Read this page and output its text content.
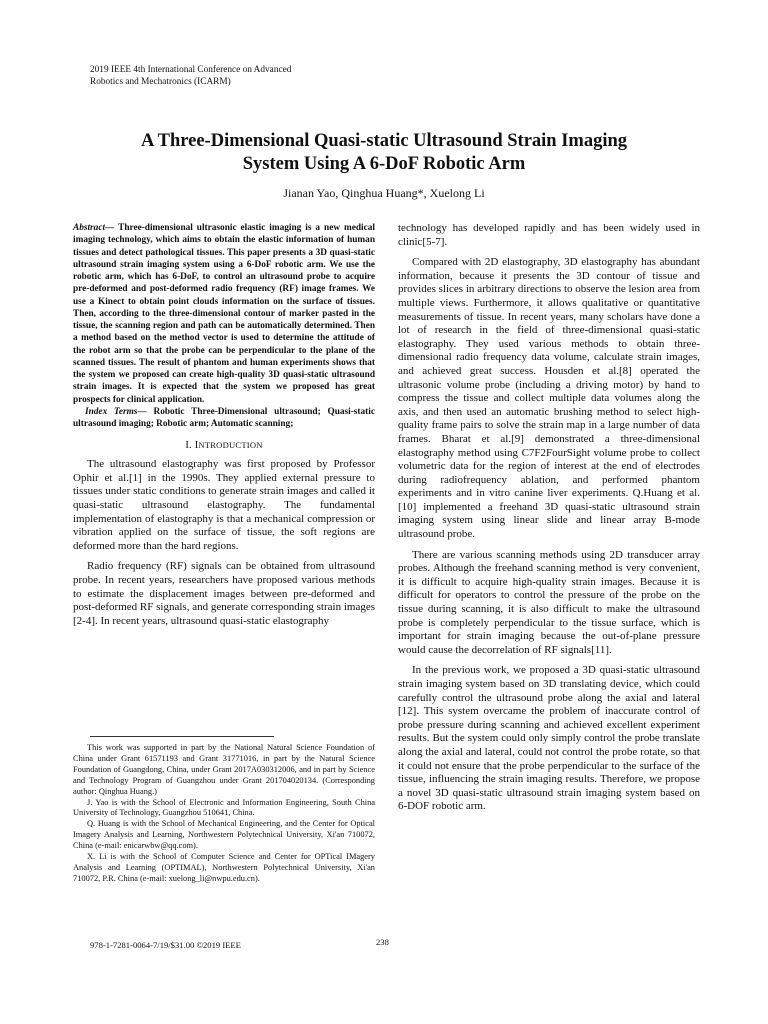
2019 IEEE 4th International Conference on Advanced
Robotics and Mechatronics (ICARM)
A Three-Dimensional Quasi-static Ultrasound Strain Imaging
System Using A 6-DoF Robotic Arm
Jianan Yao, Qinghua Huang*, Xuelong Li

Abstract— Three-dimensional ultrasonic elastic imaging is a new medical imaging technology, which aims to obtain the elastic information of human tissues and detect pathological tissues. This paper presents a 3D quasi-static ultrasound strain imaging system using a 6-DoF robotic arm. We use the robotic arm, which has 6-DoF, to control an ultrasound probe to acquire pre-deformed and post-deformed radio frequency (RF) image frames. We use a Kinect to obtain point clouds information on the surface of tissues. Then, according to the three-dimensional contour of marker pasted in the tissue, the scanning region and path can be automatically determined. Then a method based on the method vector is used to determine the attitude of the robot arm so that the probe can be perpendicular to the plane of the scanned tissues. The result of phantom and human experiments shows that the system we proposed can create high-quality 3D quasi-static ultrasound strain images. It is expected that the system we proposed has great prospects for clinical application.

Index Terms— Robotic Three-Dimensional ultrasound; Quasi-static ultrasound imaging; Robotic arm; Automatic scanning;

I. INTRODUCTION

The ultrasound elastography was first proposed by Professor Ophir et al.[1] in the 1990s. They applied external pressure to tissues under static conditions to generate strain images and called it quasi-static ultrasound elastography. The fundamental implementation of elastography is that a mechanical compression or vibration applied on the surface of tissue, the soft regions are deformed more than the hard regions.

Radio frequency (RF) signals can be obtained from ultrasound probe. In recent years, researchers have proposed various methods to estimate the displacement images between pre-deformed and post-deformed RF signals, and generate corresponding strain images [2-4]. In recent years, ultrasound quasi-static elastography

technology has developed rapidly and has been widely used in clinic[5-7].

Compared with 2D elastography, 3D elastography has abundant information, because it presents the 3D contour of tissue and provides slices in arbitrary directions to observe the lesion area from multiple views. Furthermore, it allows qualitative or quantitative measurements of tissue. In recent years, many scholars have done a lot of research in the field of three-dimensional quasi-static elastography. They used various methods to obtain three-dimensional radio frequency data volume, calculate strain images, and achieved great success. Housden et al.[8] operated the ultrasonic volume probe (including a driving motor) by hand to compress the tissue and collect multiple data volumes along the axis, and then used an automatic brushing method to select high-quality frame pairs to solve the strain map in a large number of data frames. Bharat et al.[9] demonstrated a three-dimensional elastography method using C7F2FourSight volume probe to collect volumetric data for the region of interest at the end of electrodes during radiofrequency ablation, and performed phantom experiments and in vitro canine liver experiments. Q.Huang et al.[10] implemented a freehand 3D quasi-static ultrasound strain imaging system using linear slide and linear array B-mode ultrasound probe.

There are various scanning methods using 2D transducer array probes. Although the freehand scanning method is very convenient, it is difficult to acquire high-quality strain images. Because it is difficult for operators to control the pressure of the probe on the tissue during scanning, it is also difficult to make the ultrasound probe is completely perpendicular to the tissue surface, which is important for strain imaging because the out-of-plane pressure would cause the decorrelation of RF signals[11].

In the previous work, we proposed a 3D quasi-static ultrasound strain imaging system based on 3D translating device, which could carefully control the ultrasound probe along the axial and lateral [12]. This system overcame the problem of inaccurate control of probe pressure during scanning and achieved excellent experiment results. But the system could only simply control the probe translate along the axial and lateral, could not control the probe rotate, so that it could not ensure that the probe perpendicular to the surface of the tissue, influencing the strain imaging results. Therefore, we propose a novel 3D quasi-static ultrasound strain imaging system based on 6-DOF robotic arm.

This work was supported in part by the National Natural Science Foundation of China under Grant 61571193 and Grant 31771016, in part by the Natural Science Foundation of Guangdong, China, under Grant 2017A030312006, and in part by Science and Technology Program of Guangzhou under Grant 201704020134. (Corresponding author: Qinghua Huang.)

J. Yao is with the School of Electronic and Information Engineering, South China University of Technology, Guangzhou 510641, China.

Q. Huang is with the School of Mechanical Engineering, and the Center for Optical Imagery Analysis and Learning, Northwestern Polytechnical University, Xi'an 710072, China (e-mail: enicarwbw@qq.com).

X. Li is with the School of Computer Science and Center for OPTical IMagery Analysis and Learning (OPTIMAL), Northwestern Polytechnical University, Xi'an 710072, P.R. China (e-mail: xuelong_li@nwpu.edu.cn).

978-1-7281-0064-7/19/$31.00 ©2019 IEEE	238
